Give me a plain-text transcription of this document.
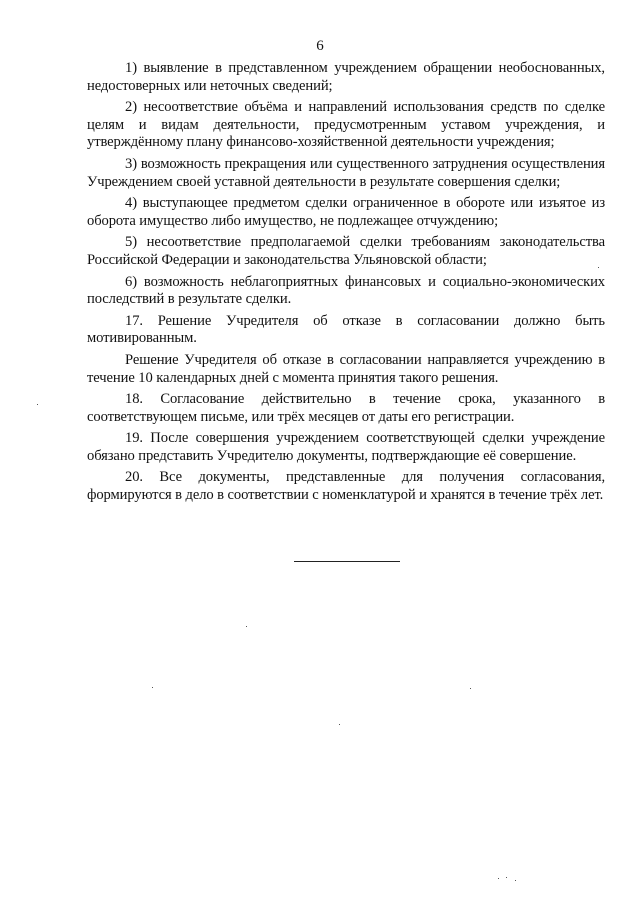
6

1) выявление в представленном учреждением обращении необоснованных, недостоверных или неточных сведений;

2) несоответствие объёма и направлений использования средств по сделке целям и видам деятельности, предусмотренным уставом учреждения, и утверждённому плану финансово-хозяйственной деятельности учреждения;

3) возможность прекращения или существенного затруднения осуществления Учреждением своей уставной деятельности в результате совершения сделки;

4) выступающее предметом сделки ограниченное в обороте или изъятое из оборота имущество либо имущество, не подлежащее отчуждению;

5) несоответствие предполагаемой сделки требованиям законодательства Российской Федерации и законодательства Ульяновской области;

6) возможность неблагоприятных финансовых и социально-экономических последствий в результате сделки.

17. Решение Учредителя об отказе в согласовании должно быть мотивированным.

Решение Учредителя об отказе в согласовании направляется учреждению в течение 10 календарных дней с момента принятия такого решения.

18. Согласование действительно в течение срока, указанного в соответствующем письме, или трёх месяцев от даты его регистрации.

19. После совершения учреждением соответствующей сделки учреждение обязано представить Учредителю документы, подтверждающие её совершение.

20. Все документы, представленные для получения согласования, формируются в дело в соответствии с номенклатурой и хранятся в течение трёх лет.
